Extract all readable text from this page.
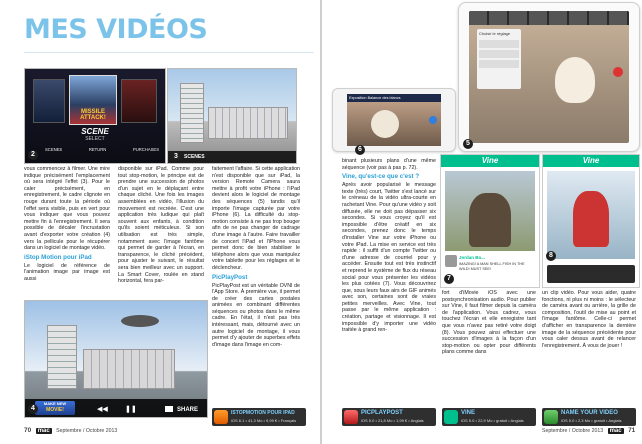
MES VIDÉOS
MISSILE ATTACK!
SCENE
SELECT
SCENES	RETURN	PURCHASES
2	SCENES
3

vous commencez à filmer. Une mire indique précisément l'emplacement où sera intégré l'effet (3). Pour le caler précisément, en enregistrement, le cadre clignote en rouge durant toute la période où l'effet sera visible, puis en vert pour vous indiquer que vous pouvez mettre fin à l'enregistrement. Il sera possible de décaler l'incrustation avant d'exporter votre création (4) vers la pellicule pour le récupérer dans un logiciel de montage vidéo.

iStop Motion pour iPad

Le logiciel de référence de l'animation image par image est aussi

disponible sur iPad. Comme pour tout stop-motion, le principe est de prendre une succession de photos d'un sujet en le déplaçant entre chaque cliché. Une fois les images assemblées en vidéo, l'illusion du mouvement est recréée. C'est une application très ludique qui plaît souvent aux enfants, à condition qu'ils soient méticuleux. Si son utilisation est très simple, notamment avec l'image fantôme qui permet de garder à l'écran, en transparence, le cliché précédent, pour ajuster le suivant, le résultat sera bien meilleur avec un support. La Smart Cover, roulée en stand horizontal, fera par-

faitement l'affaire. Si cette application n'est disponible que sur iPad, la version Remote Camera saura mettre à profit votre iPhone : l'iPad devient alors le logiciel de montage des séquences (5) tandis qu'il importe l'image capturée par votre iPhone (6). La difficulté du stop-motion consiste à ne pas trop bouger afin de ne pas changer de cadrage d'une image à l'autre. Faire travailler de concert l'iPad et l'iPhone vous permet donc de bien stabiliser le téléphone alors que vous manipulez votre tablette pour les réglages et le déclencheur.

PicPlayPost

PicPlayPost est un véritable OVNI de l'App Store. À première vue, il permet de créer des cartes postales animées en combinant différentes séquences ou photos dans le même cadre. En l'état, il n'est pas très intéressant, mais, détourné avec un autre logiciel de montage, il vous permet d'y ajouter de superbes effets d'image dans l'image en com-

MAKE NEW
MOVIE!	◀◀ ❚❚	SHARE
4
ISTOPMOTION POUR IPAD
iOS 6.1 • 41,3 Mo • 9,99 € • Français
70 mac Septembre / Octobre 2013
Choisir le réglage
5
Exposition Balance des blancs
6

binant plusieurs plans d'une même séquence (voir pas à pas p. 72).

Vine, qu'est-ce que c'est ?

Après avoir popularisé le message texte (très) court, Twitter s'est lancé sur le créneau de la vidéo ultra-courte en rachetant Vine. Pour qu'une vidéo y soit diffusée, elle ne doit pas dépasser six secondes. Si vous croyez qu'il est impossible d'être créatif en six secondes, prenez donc le temps d'installer Vine sur votre iPhone ou votre iPad. La mise en service est très rapide : il suffit d'un compte Twitter ou d'une adresse de courriel pour y accéder. Ensuite tout est très instinctif et reprend le système de flux du réseau social pour vous présenter les vidéos les plus cotées (7). Vous découvrirez que, sous leurs faux airs de GIF animés avec son, certaines sont de vraies petites merveilles. Avec Vine, tout passe par le même application : création, partage et visionnage. Il est impossible d'y importer une vidéo traitée à grand ren-

Vine
Jordan Bo...
IMAZING! A MAN SHELL FISH IN THE WILD! MUST SEE!
7
Vine
8

fort d'iMovie iOS avec une postsynchronisation audio. Pour publier sur Vine, il faut filmer depuis la caméra de l'application. Vous cadrez, vous touchez l'écran et elle enregistre tant que vous n'avez pas retiré votre doigt (8). Vous pouvez ainsi effectuer une succession d'images à la façon d'un stop-motion ou opter pour différents plans comme dans

un clip vidéo. Pour vous aider, quatre fonctions, ni plus ni moins : le sélecteur de caméra avant ou arrière, la grille de composition, l'outil de mise au point et l'image fantôme. Celle-ci permet d'afficher en transparence la dernière image de la séquence précédente pour vous caler dessus avant de relancer l'enregistrement. À vous de jouer !

PICPLAYPOST
iOS 5.0 • 21,8 Mo • 1,99 € • Anglais
VINE
iOS 5.0 • 22,9 Mo • gratuit • Anglais
NAME YOUR VIDEO
iOS 5.0 • 2,3 Mo • gratuit • Anglais
Septembre / Octobre 2013 mac 71
